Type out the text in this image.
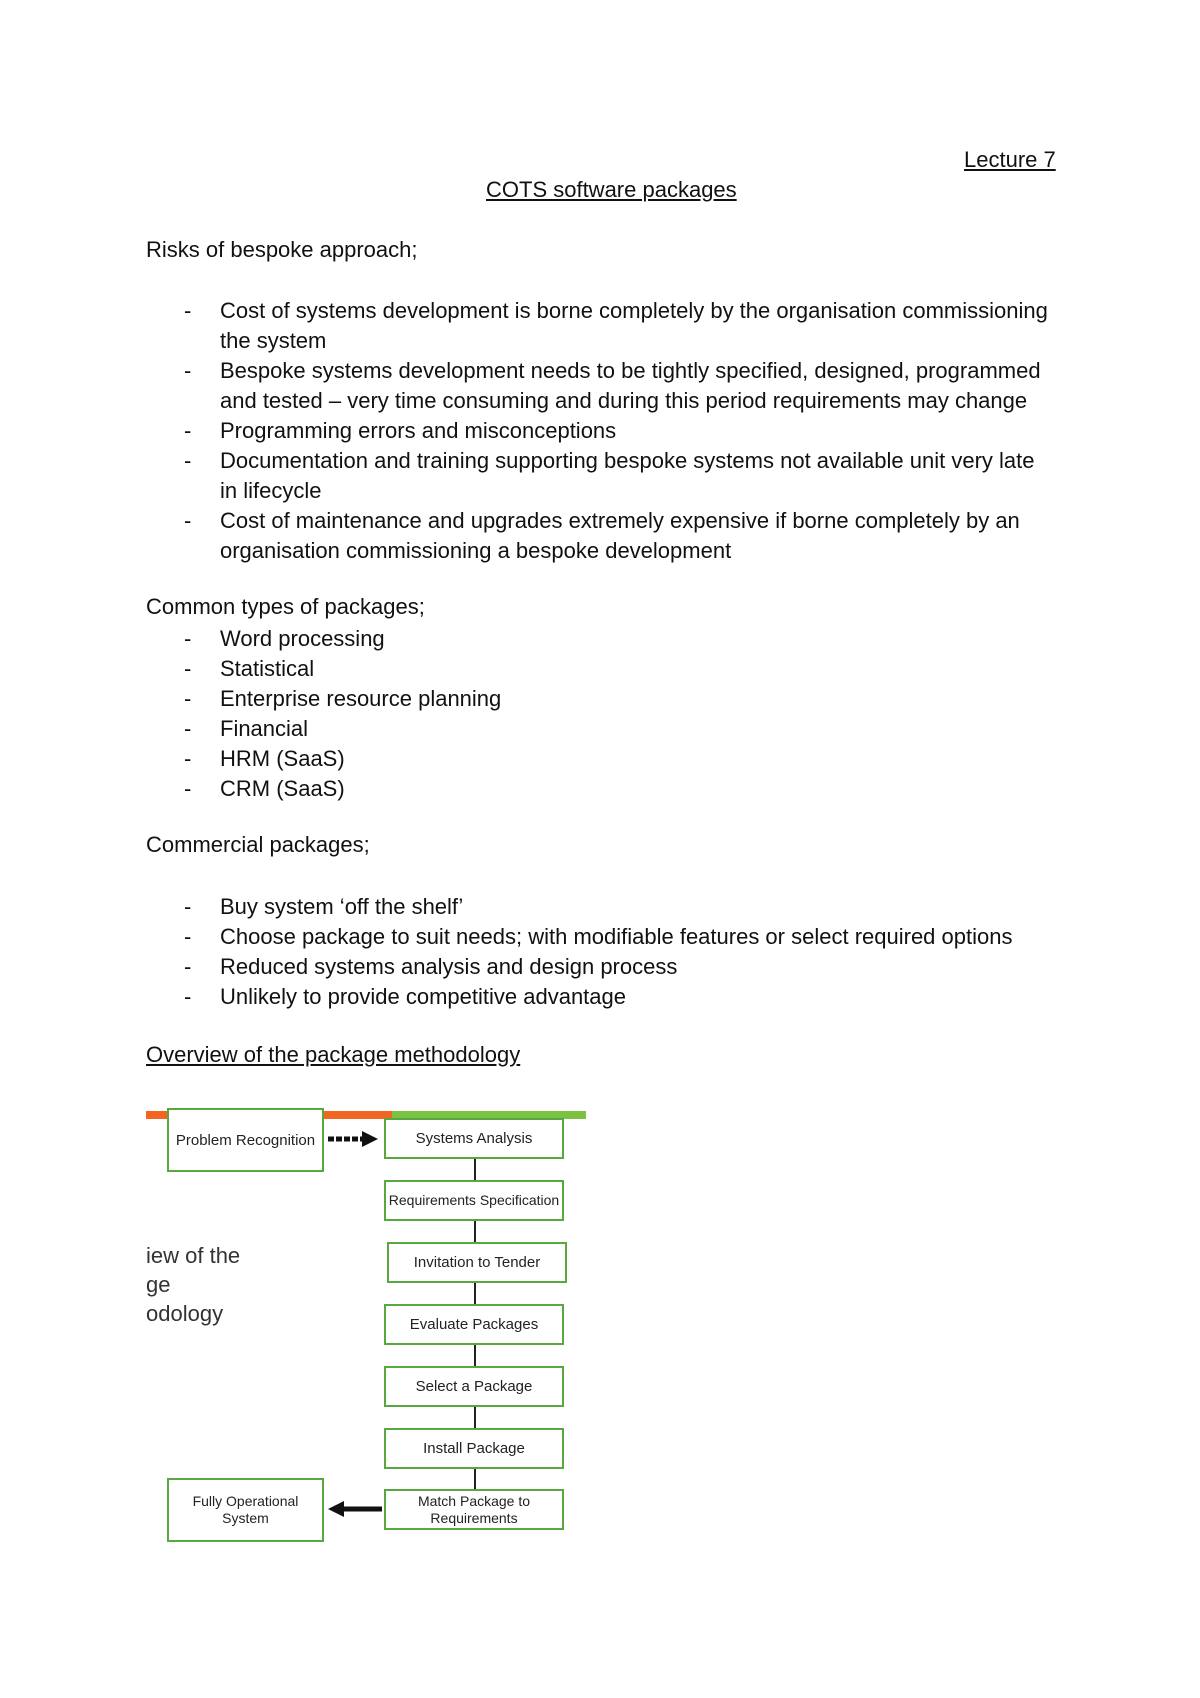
Lecture 7
COTS software packages
Risks of bespoke approach;
- Cost of systems development is borne completely by the organisation commissioning
the system
- Bespoke systems development needs to be tightly specified, designed, programmed
and tested – very time consuming and during this period requirements may change
- Programming errors and misconceptions
- Documentation and training supporting bespoke systems not available unit very late
in lifecycle
- Cost of maintenance and upgrades extremely expensive if borne completely by an
organisation commissioning a bespoke development
Common types of packages;
- Word processing
- Statistical
- Enterprise resource planning
- Financial
- HRM (SaaS)
- CRM (SaaS)
Commercial packages;
- Buy system ‘off the shelf’
- Choose package to suit needs; with modifiable features or select required options
- Reduced systems analysis and design process
- Unlikely to provide competitive advantage
Overview of the package methodology
iew of the
ge
odology
Problem Recognition	Systems Analysis
Requirements Specification
Invitation to Tender
Evaluate Packages
Select a Package
Install Package
Match Package to Requirements
Fully Operational System
